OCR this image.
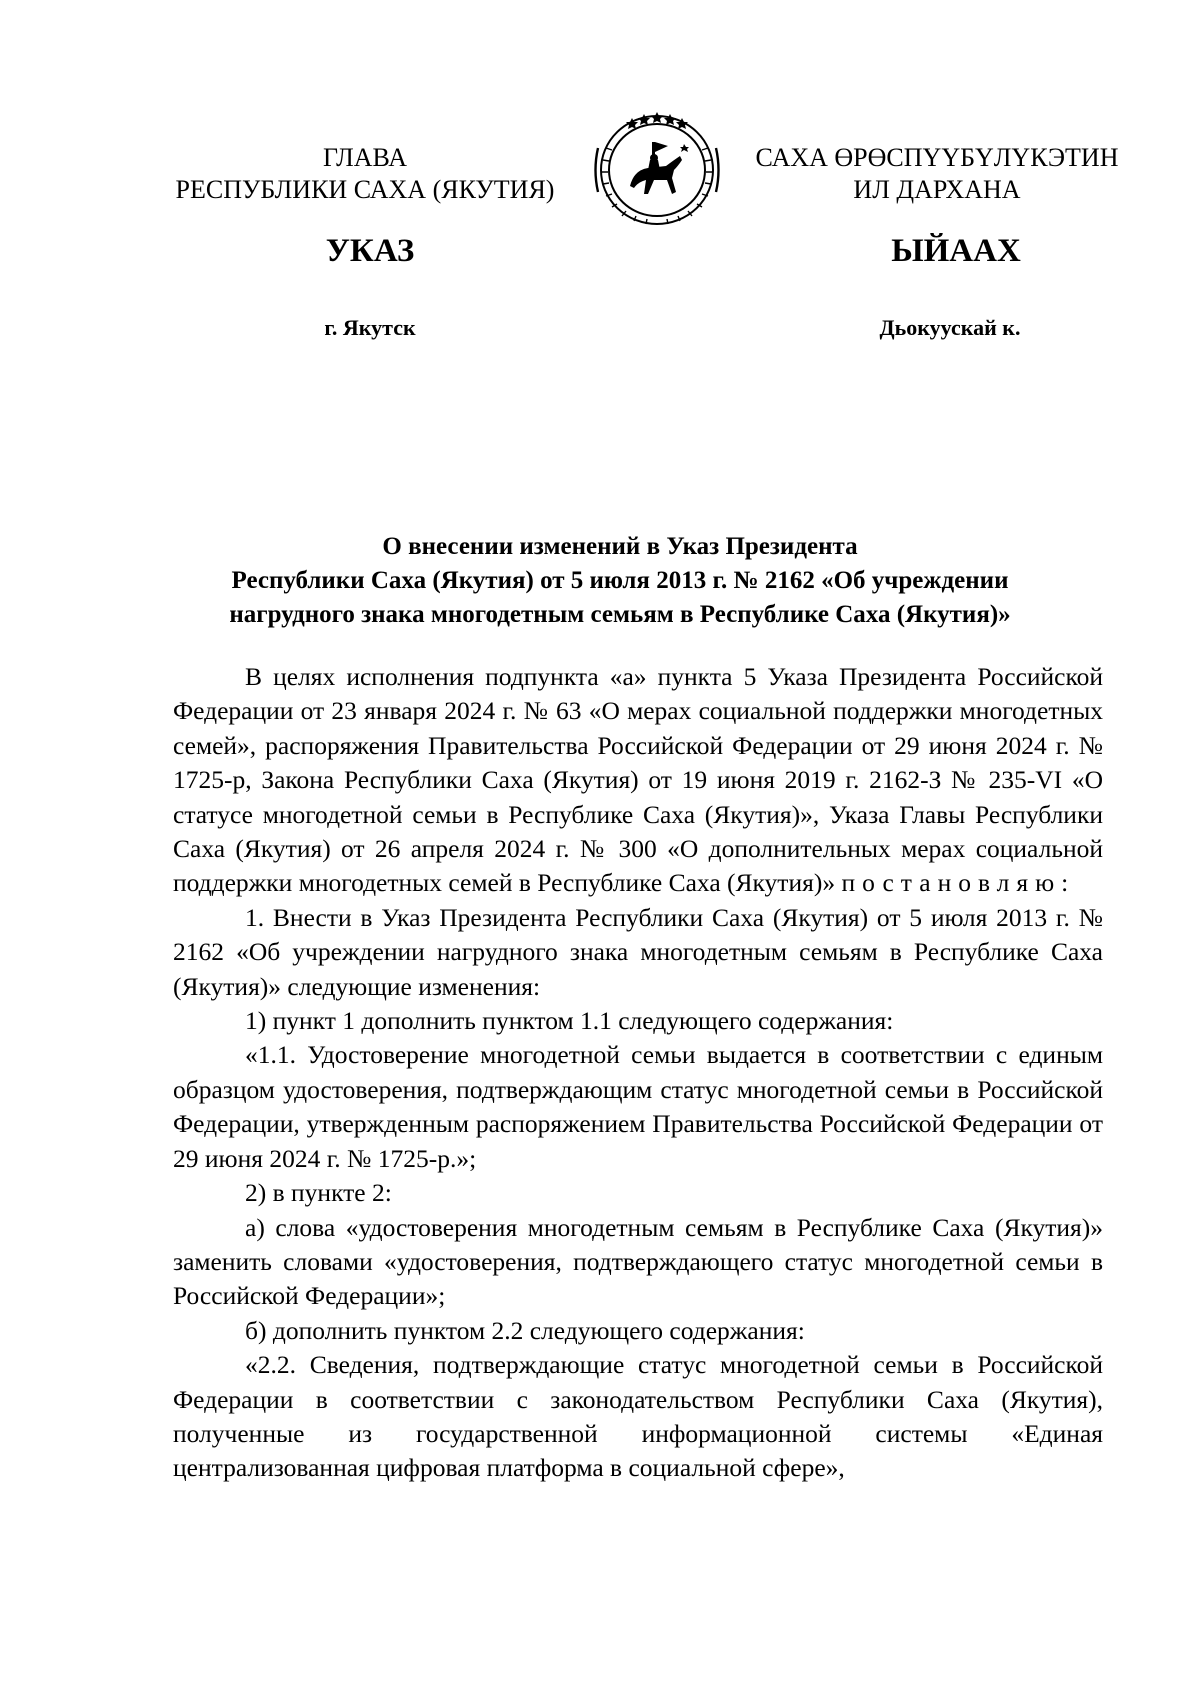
ГЛАВА
РЕСПУБЛИКИ САХА (ЯКУТИЯ)
САХА ӨРӨСПҮҮБҮЛҮКЭТИН
ИЛ ДАРХАНА
УКАЗ	ЫЙААХ
г. Якутск	Дьокуускай к.
О внесении изменений в Указ Президента
Республики Саха (Якутия) от 5 июля 2013 г. № 2162 «Об учреждении
нагрудного знака многодетным семьям в Республике Саха (Якутия)»

В целях исполнения подпункта «а» пункта 5 Указа Президента Российской Федерации от 23 января 2024 г. № 63 «О мерах социальной поддержки многодетных семей», распоряжения Правительства Российской Федерации от 29 июня 2024 г. № 1725-р, Закона Республики Саха (Якутия) от 19 июня 2019 г. 2162-З № 235-VI «О статусе многодетной семьи в Республике Саха (Якутия)», Указа Главы Республики Саха (Якутия) от 26 апреля 2024 г. № 300 «О дополнительных мерах социальной поддержки многодетных семей в Республике Саха (Якутия)» постановляю:

1. Внести в Указ Президента Республики Саха (Якутия) от 5 июля 2013 г. № 2162 «Об учреждении нагрудного знака многодетным семьям в Республике Саха (Якутия)» следующие изменения:

1) пункт 1 дополнить пунктом 1.1 следующего содержания:

«1.1. Удостоверение многодетной семьи выдается в соответствии с единым образцом удостоверения, подтверждающим статус многодетной семьи в Российской Федерации, утвержденным распоряжением Правительства Российской Федерации от 29 июня 2024 г. № 1725-р.»;

2) в пункте 2:

а) слова «удостоверения многодетным семьям в Республике Саха (Якутия)» заменить словами «удостоверения, подтверждающего статус многодетной семьи в Российской Федерации»;

б) дополнить пунктом 2.2 следующего содержания:

«2.2. Сведения, подтверждающие статус многодетной семьи в Российской Федерации в соответствии с законодательством Республики Саха (Якутия), полученные из государственной информационной системы «Единая централизованная цифровая платформа в социальной сфере»,
